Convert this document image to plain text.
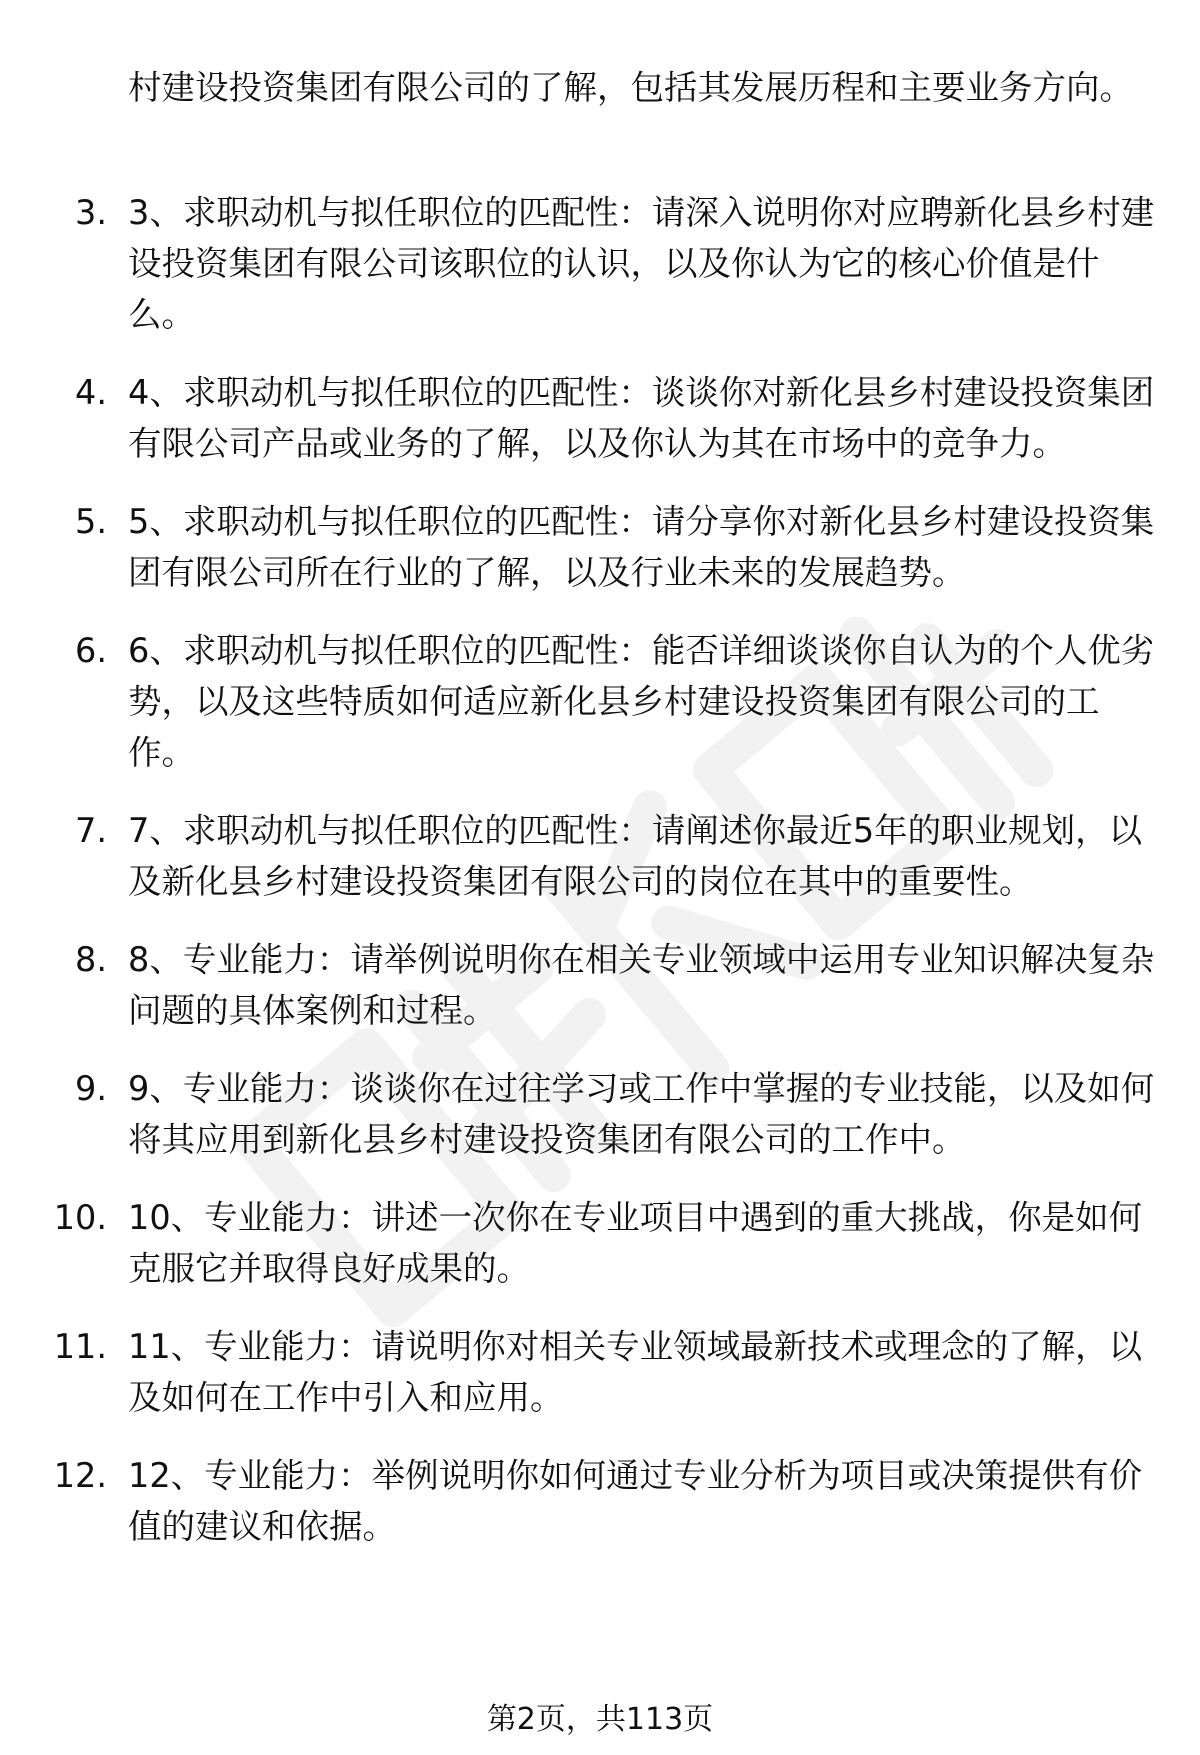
村建设投资集团有限公司的了解，包括其发展历程和主要业务方向。
3. 3、求职动机与拟任职位的匹配性：请深入说明你对应聘新化县乡村建设投资集团有限公司该职位的认识，以及你认为它的核心价值是什么。
4. 4、求职动机与拟任职位的匹配性：谈谈你对新化县乡村建设投资集团有限公司产品或业务的了解，以及你认为其在市场中的竞争力。
5. 5、求职动机与拟任职位的匹配性：请分享你对新化县乡村建设投资集团有限公司所在行业的了解，以及行业未来的发展趋势。
6. 6、求职动机与拟任职位的匹配性：能否详细谈谈你自认为的个人优劣势，以及这些特质如何适应新化县乡村建设投资集团有限公司的工作。
7. 7、求职动机与拟任职位的匹配性：请阐述你最近5年的职业规划，以及新化县乡村建设投资集团有限公司的岗位在其中的重要性。
8. 8、专业能力：请举例说明你在相关专业领域中运用专业知识解决复杂问题的具体案例和过程。
9. 9、专业能力：谈谈你在过往学习或工作中掌握的专业技能，以及如何将其应用到新化县乡村建设投资集团有限公司的工作中。
10. 10、专业能力：讲述一次你在专业项目中遇到的重大挑战，你是如何克服它并取得良好成果的。
11. 11、专业能力：请说明你对相关专业领域最新技术或理念的了解，以及如何在工作中引入和应用。
12. 12、专业能力：举例说明你如何通过专业分析为项目或决策提供有价值的建议和依据。
第2页，共113页
